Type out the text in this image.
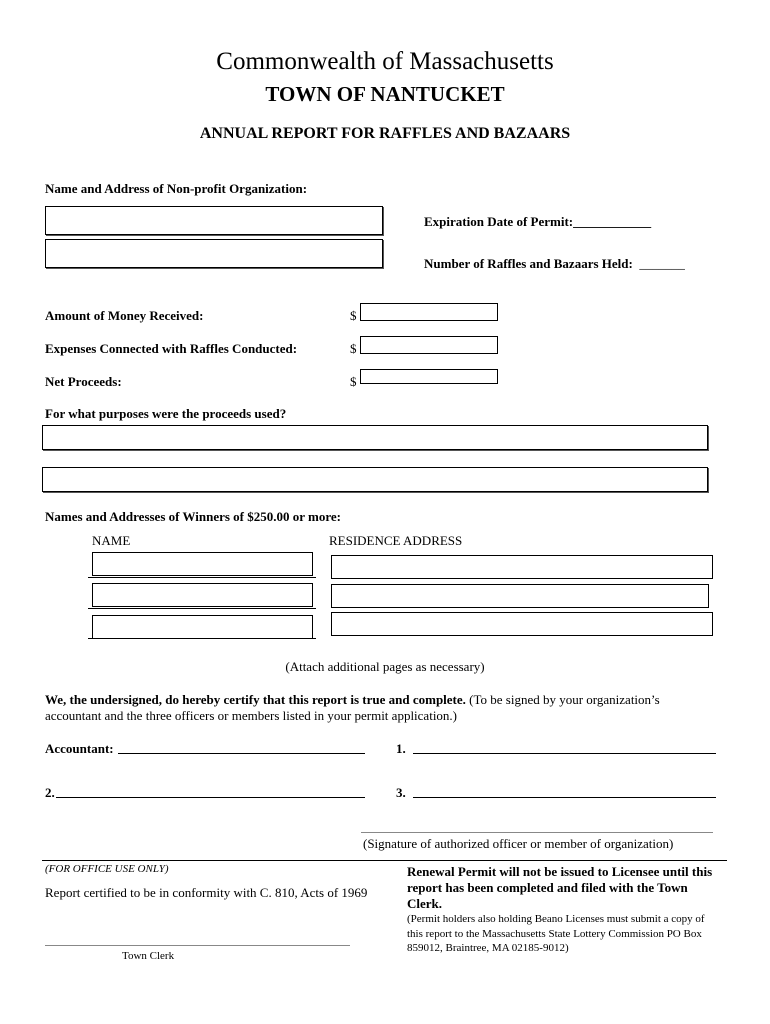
Commonwealth of Massachusetts
TOWN OF NANTUCKET
ANNUAL REPORT FOR RAFFLES AND BAZAARS
Name and Address of Non-profit Organization:
Expiration Date of Permit:____________
Number of Raffles and Bazaars Held: _______
Amount of Money Received:	$
Expenses Connected with Raffles Conducted:	$
Net Proceeds:	$
For what purposes were the proceeds used?
Names and Addresses of Winners of $250.00 or more:
NAME	RESIDENCE ADDRESS
(Attach additional pages as necessary)
We, the undersigned, do hereby certify that this report is true and complete. (To be signed by your organization’s accountant and the three officers or members listed in your permit application.)
Accountant:	1.
2.	3.
(Signature of authorized officer or member of organization)
(FOR OFFICE USE ONLY)
Report certified to be in conformity with C. 810, Acts of 1969
Town Clerk
Renewal Permit will not be issued to Licensee until this report has been completed and filed with the Town Clerk.
(Permit holders also holding Beano Licenses must submit a copy of this report to the Massachusetts State Lottery Commission PO Box 859012, Braintree, MA 02185-9012)
